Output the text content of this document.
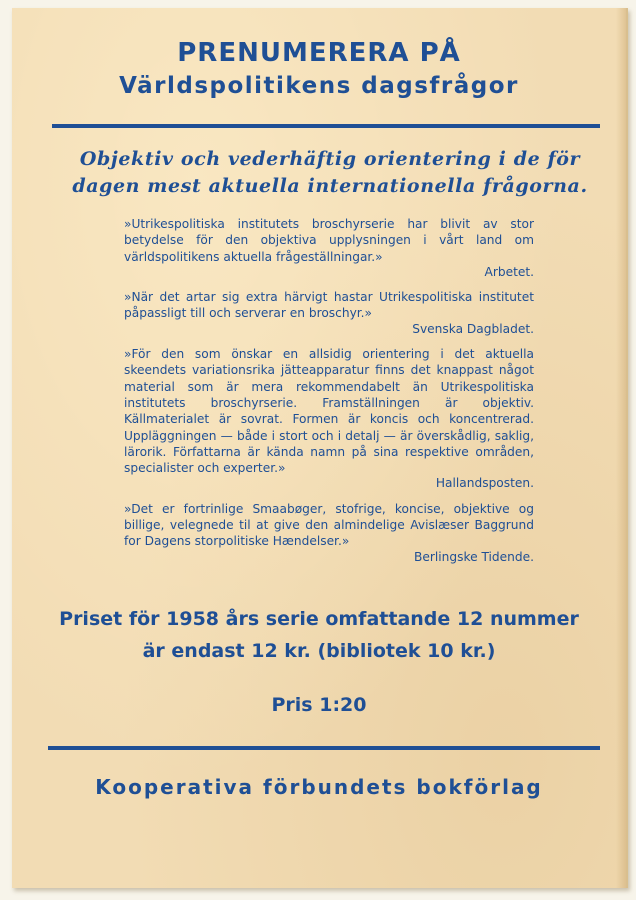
PRENUMERERA PÅ
Världspolitikens dagsfrågor
Objektiv och vederhäftig orientering i de för dagen mest aktuella internationella frågorna.
»Utrikespolitiska institutets broschyrserie har blivit av stor betydelse för den objektiva upplysningen i vårt land om världspolitikens aktuella frågeställningar.»
Arbetet.
»När det artar sig extra härvigt hastar Utrikespolitiska institutet påpassligt till och serverar en broschyr.»
Svenska Dagbladet.
»För den som önskar en allsidig orientering i det aktuella skeendets variationsrika jätteapparatur finns det knappast något material som är mera rekommendabelt än Utrikespolitiska institutets broschyrserie. Framställningen är objektiv. Källmaterialet är sovrat. Formen är koncis och koncentrerad. Uppläggningen — både i stort och i detalj — är överskådlig, saklig, lärorik. Författarna är kända namn på sina respektive områden, specialister och experter.»
Hallandsposten.
»Det er fortrinlige Smaabøger, stofrige, koncise, objektive og billige, velegnede til at give den almindelige Avislæser Baggrund for Dagens storpolitiske Hændelser.»
Berlingske Tidende.
Priset för 1958 års serie omfattande 12 nummer
är endast 12 kr. (bibliotek 10 kr.)
Pris 1:20
Kooperativa förbundets bokförlag
